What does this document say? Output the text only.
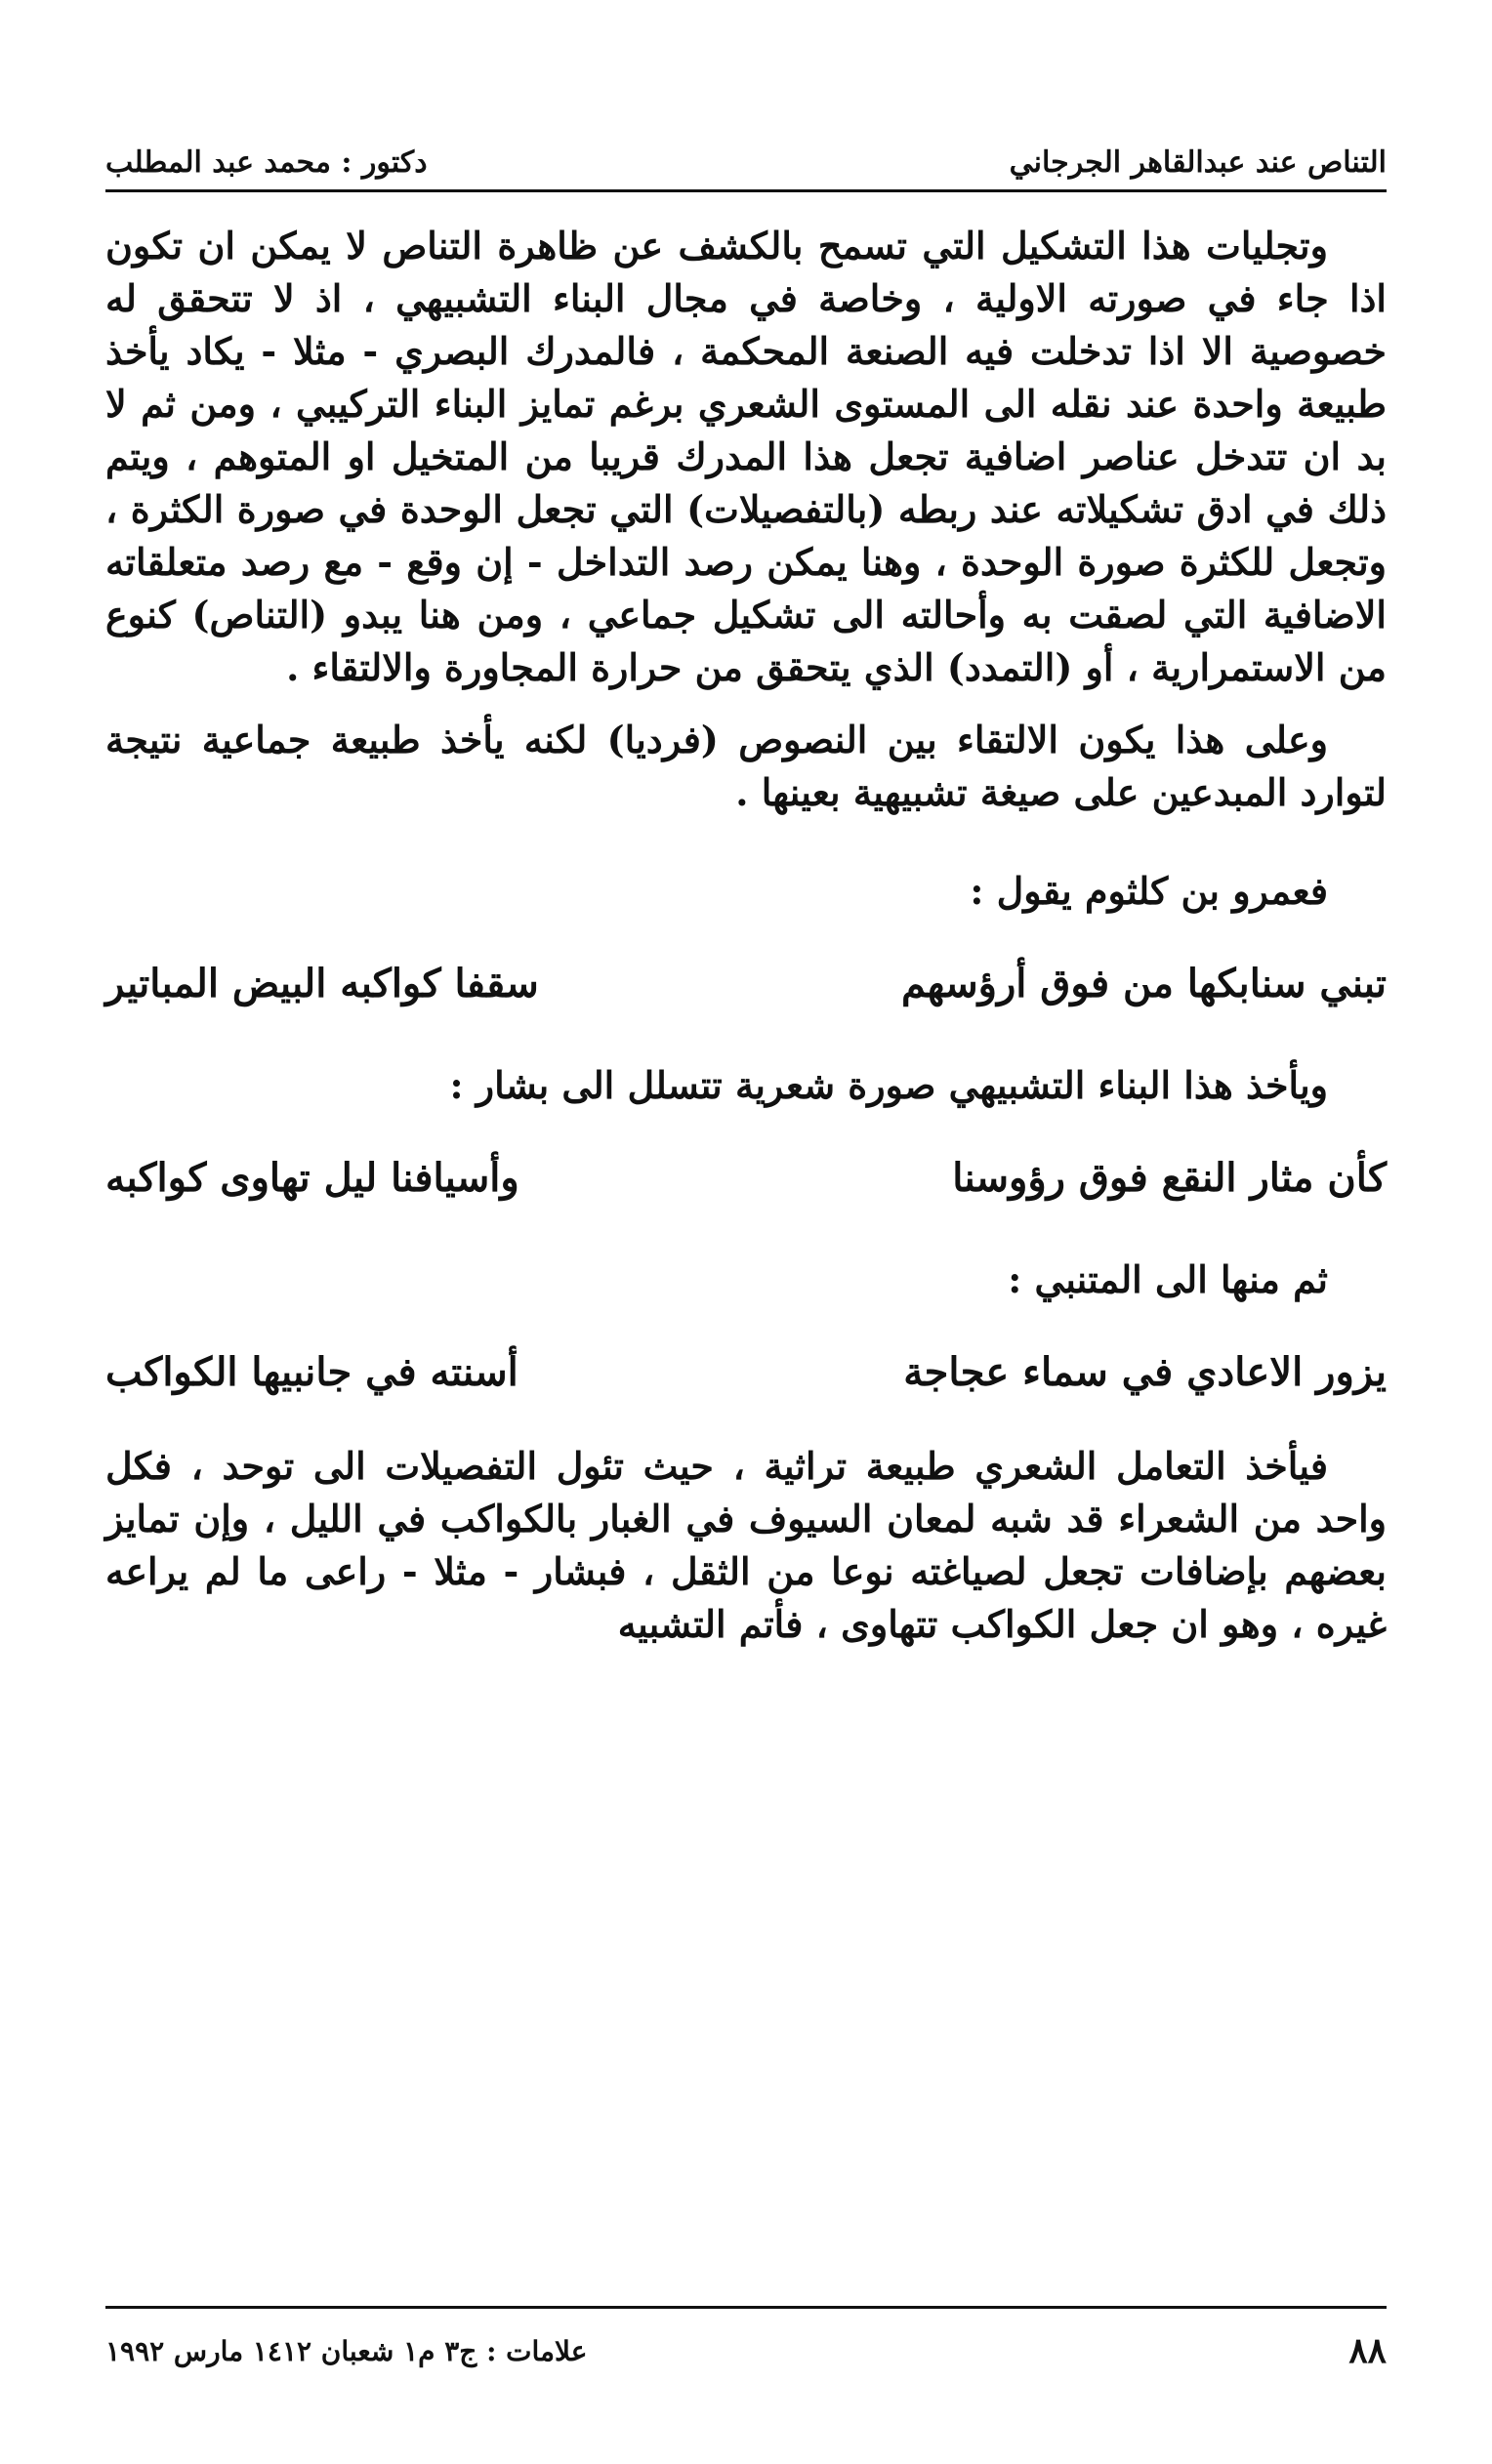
التناص عند عبدالقاهر الجرجاني
دكتور : محمد عبد المطلب

وتجليات هذا التشكيل التي تسمح بالكشف عن ظاهرة التناص لا يمكن ان تكون اذا جاء في صورته الاولية ، وخاصة في مجال البناء التشبيهي ، اذ لا تتحقق له خصوصية الا اذا تدخلت فيه الصنعة المحكمة ، فالمدرك البصري - مثلا - يكاد يأخذ طبيعة واحدة عند نقله الى المستوى الشعري برغم تمايز البناء التركيبي ، ومن ثم لا بد ان تتدخل عناصر اضافية تجعل هذا المدرك قريبا من المتخيل او المتوهم ، ويتم ذلك في ادق تشكيلاته عند ربطه (بالتفصيلات) التي تجعل الوحدة في صورة الكثرة ، وتجعل للكثرة صورة الوحدة ، وهنا يمكن رصد التداخل - إن وقع - مع رصد متعلقاته الاضافية التي لصقت به وأحالته الى تشكيل جماعي ، ومن هنا يبدو (التناص) كنوع من الاستمرارية ، أو (التمدد) الذي يتحقق من حرارة المجاورة والالتقاء .

وعلى هذا يكون الالتقاء بين النصوص (فرديا) لكنه يأخذ طبيعة جماعية نتيجة لتوارد المبدعين على صيغة تشبيهية بعينها .

فعمرو بن كلثوم يقول :

تبني سنابكها من فوق أرؤسهم
سقفا كواكبه البيض المباتير

ويأخذ هذا البناء التشبيهي صورة شعرية تتسلل الى بشار :

كأن مثار النقع فوق رؤوسنا
وأسيافنا ليل تهاوى كواكبه

ثم منها الى المتنبي :

يزور الاعادي في سماء عجاجة
أسنته في جانبيها الكواكب

فيأخذ التعامل الشعري طبيعة تراثية ، حيث تئول التفصيلات الى توحد ، فكل واحد من الشعراء قد شبه لمعان السيوف في الغبار بالكواكب في الليل ، وإن تمايز بعضهم بإضافات تجعل لصياغته نوعا من الثقل ، فبشار - مثلا - راعى ما لم يراعه غيره ، وهو ان جعل الكواكب تتهاوى ، فأتم التشبيه

٨٨
علامات : ج٣ م١ شعبان ١٤١٢ مارس ١٩٩٢
